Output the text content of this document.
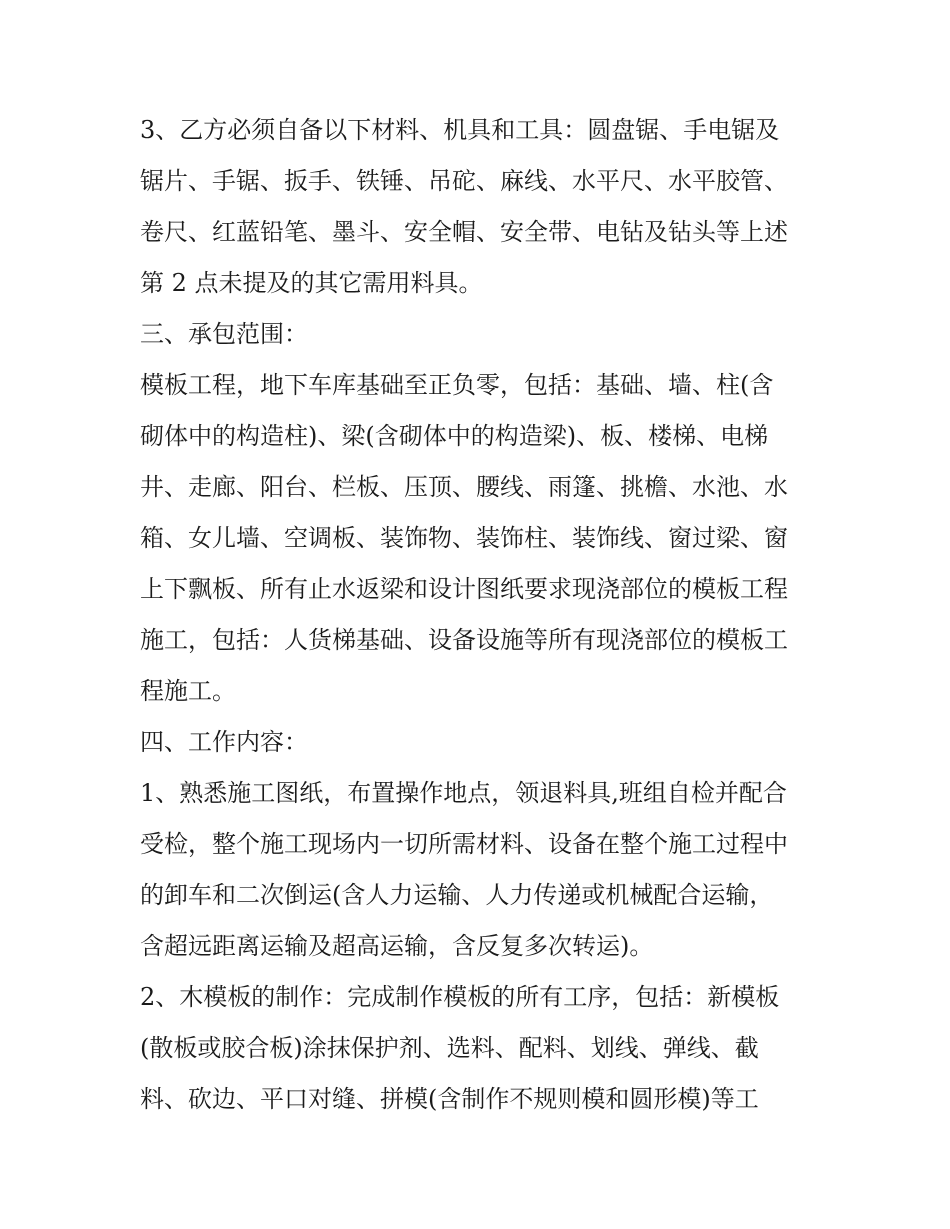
3、乙方必须自备以下材料、机具和工具：圆盘锯、手电锯及
锯片、手锯、扳手、铁锤、吊砣、麻线、水平尺、水平胶管、
卷尺、红蓝铅笔、墨斗、安全帽、安全带、电钻及钻头等上述
第 2 点未提及的其它需用料具。
三、承包范围：
模板工程，地下车库基础至正负零，包括：基础、墙、柱(含
砌体中的构造柱)、梁(含砌体中的构造梁)、板、楼梯、电梯
井、走廊、阳台、栏板、压顶、腰线、雨篷、挑檐、水池、水
箱、女儿墙、空调板、装饰物、装饰柱、装饰线、窗过梁、窗
上下飘板、所有止水返梁和设计图纸要求现浇部位的模板工程
施工，包括：人货梯基础、设备设施等所有现浇部位的模板工
程施工。
四、工作内容：
1、熟悉施工图纸，布置操作地点，领退料具,班组自检并配合
受检，整个施工现场内一切所需材料、设备在整个施工过程中
的卸车和二次倒运(含人力运输、人力传递或机械配合运输，
含超远距离运输及超高运输，含反复多次转运)。
2、木模板的制作：完成制作模板的所有工序，包括：新模板
(散板或胶合板)涂抹保护剂、选料、配料、划线、弹线、截
料、砍边、平口对缝、拼模(含制作不规则模和圆形模)等工
